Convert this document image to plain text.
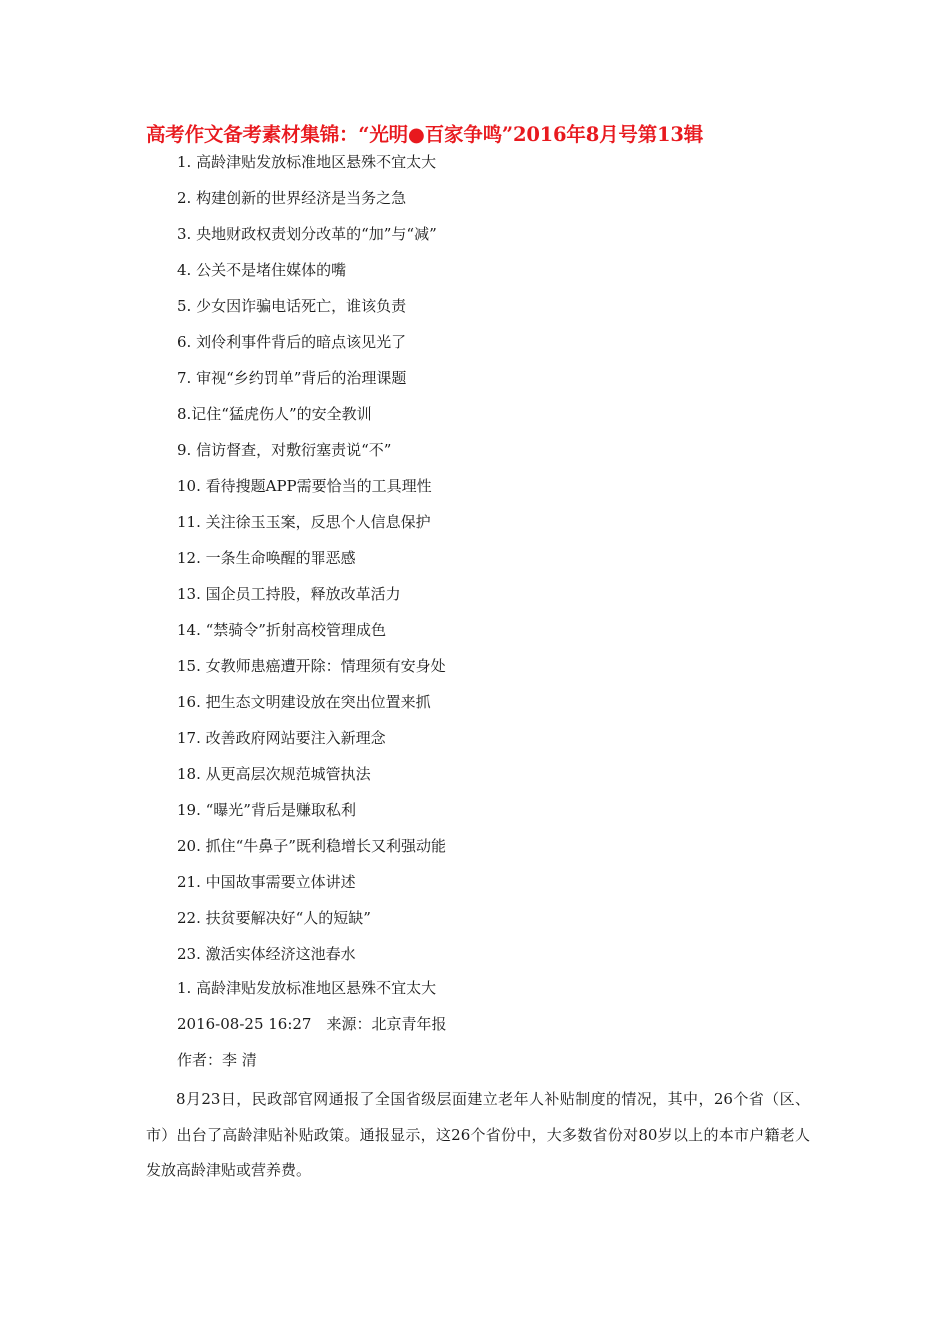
高考作文备考素材集锦：“光明●百家争鸣”2016年8月号第13辑
1. 高龄津贴发放标准地区悬殊不宜太大
2. 构建创新的世界经济是当务之急
3. 央地财政权责划分改革的“加”与“减”
4. 公关不是堵住媒体的嘴
5. 少女因诈骗电话死亡，谁该负责
6. 刘伶利事件背后的暗点该见光了
7. 审视“乡约罚单”背后的治理课题
8.记住“猛虎伤人”的安全教训
9. 信访督查，对敷衍塞责说“不”
10. 看待搜题APP需要恰当的工具理性
11. 关注徐玉玉案，反思个人信息保护
12. 一条生命唤醒的罪恶感
13. 国企员工持股，释放改革活力
14. “禁骑令”折射高校管理成色
15. 女教师患癌遭开除：情理须有安身处
16. 把生态文明建设放在突出位置来抓
17. 改善政府网站要注入新理念
18. 从更高层次规范城管执法
19. “曝光”背后是赚取私利
20. 抓住“牛鼻子”既利稳增长又利强动能
21. 中国故事需要立体讲述
22. 扶贫要解决好“人的短缺”
23. 激活实体经济这池春水
1. 高龄津贴发放标准地区悬殊不宜太大
2016-08-25 16:27　来源：北京青年报
作者：李 清

8月23日，民政部官网通报了全国省级层面建立老年人补贴制度的情况，其中，26个省（区、市）出台了高龄津贴补贴政策。通报显示，这26个省份中，大多数省份对80岁以上的本市户籍老人发放高龄津贴或营养费。
